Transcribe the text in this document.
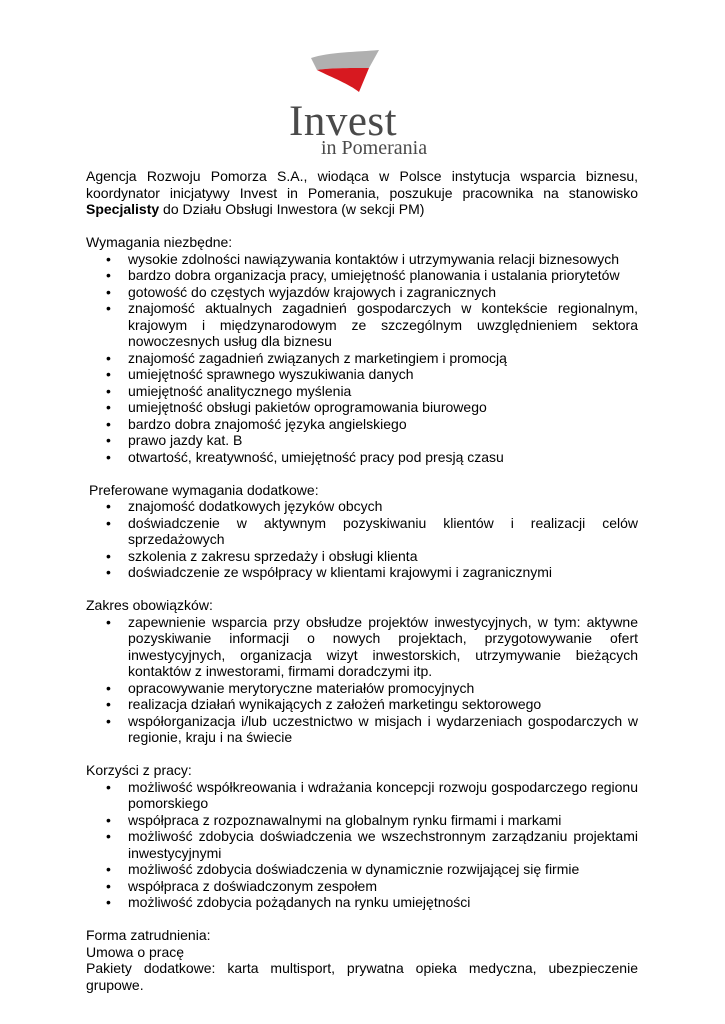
Invest
in Pomerania

Agencja Rozwoju Pomorza S.A., wiodąca w Polsce instytucja wsparcia biznesu, koordynator inicjatywy Invest in Pomerania, poszukuje pracownika na stanowisko Specjalisty do Działu Obsługi Inwestora (w sekcji PM)

Wymagania niezbędne:

• wysokie zdolności nawiązywania kontaktów i utrzymywania relacji biznesowych
• bardzo dobra organizacja pracy, umiejętność planowania i ustalania priorytetów
• gotowość do częstych wyjazdów krajowych i zagranicznych
• znajomość aktualnych zagadnień gospodarczych w kontekście regionalnym, krajowym i międzynarodowym ze szczególnym uwzględnieniem sektora nowoczesnych usług dla biznesu
• znajomość zagadnień związanych z marketingiem i promocją
• umiejętność sprawnego wyszukiwania danych
• umiejętność analitycznego myślenia
• umiejętność obsługi pakietów oprogramowania biurowego
• bardzo dobra znajomość języka angielskiego
• prawo jazdy kat. B
• otwartość, kreatywność, umiejętność pracy pod presją czasu

Preferowane wymagania dodatkowe:

• znajomość dodatkowych języków obcych
• doświadczenie w aktywnym pozyskiwaniu klientów i realizacji celów sprzedażowych
• szkolenia z zakresu sprzedaży i obsługi klienta
• doświadczenie ze współpracy w klientami krajowymi i zagranicznymi

Zakres obowiązków:

• zapewnienie wsparcia przy obsłudze projektów inwestycyjnych, w tym: aktywne pozyskiwanie informacji o nowych projektach, przygotowywanie ofert inwestycyjnych, organizacja wizyt inwestorskich, utrzymywanie bieżących kontaktów z inwestorami, firmami doradczymi itp.
• opracowywanie merytoryczne materiałów promocyjnych
• realizacja działań wynikających z założeń marketingu sektorowego
• współorganizacja i/lub uczestnictwo w misjach i wydarzeniach gospodarczych w regionie, kraju i na świecie

Korzyści z pracy:

• możliwość współkreowania i wdrażania koncepcji rozwoju gospodarczego regionu pomorskiego
• współpraca z rozpoznawalnymi na globalnym rynku firmami i markami
• możliwość zdobycia doświadczenia we wszechstronnym zarządzaniu projektami inwestycyjnymi
• możliwość zdobycia doświadczenia w dynamicznie rozwijającej się firmie
• współpraca z doświadczonym zespołem
• możliwość zdobycia pożądanych na rynku umiejętności

Forma zatrudnienia:

Umowa o pracę

Pakiety dodatkowe: karta multisport, prywatna opieka medyczna, ubezpieczenie grupowe.
